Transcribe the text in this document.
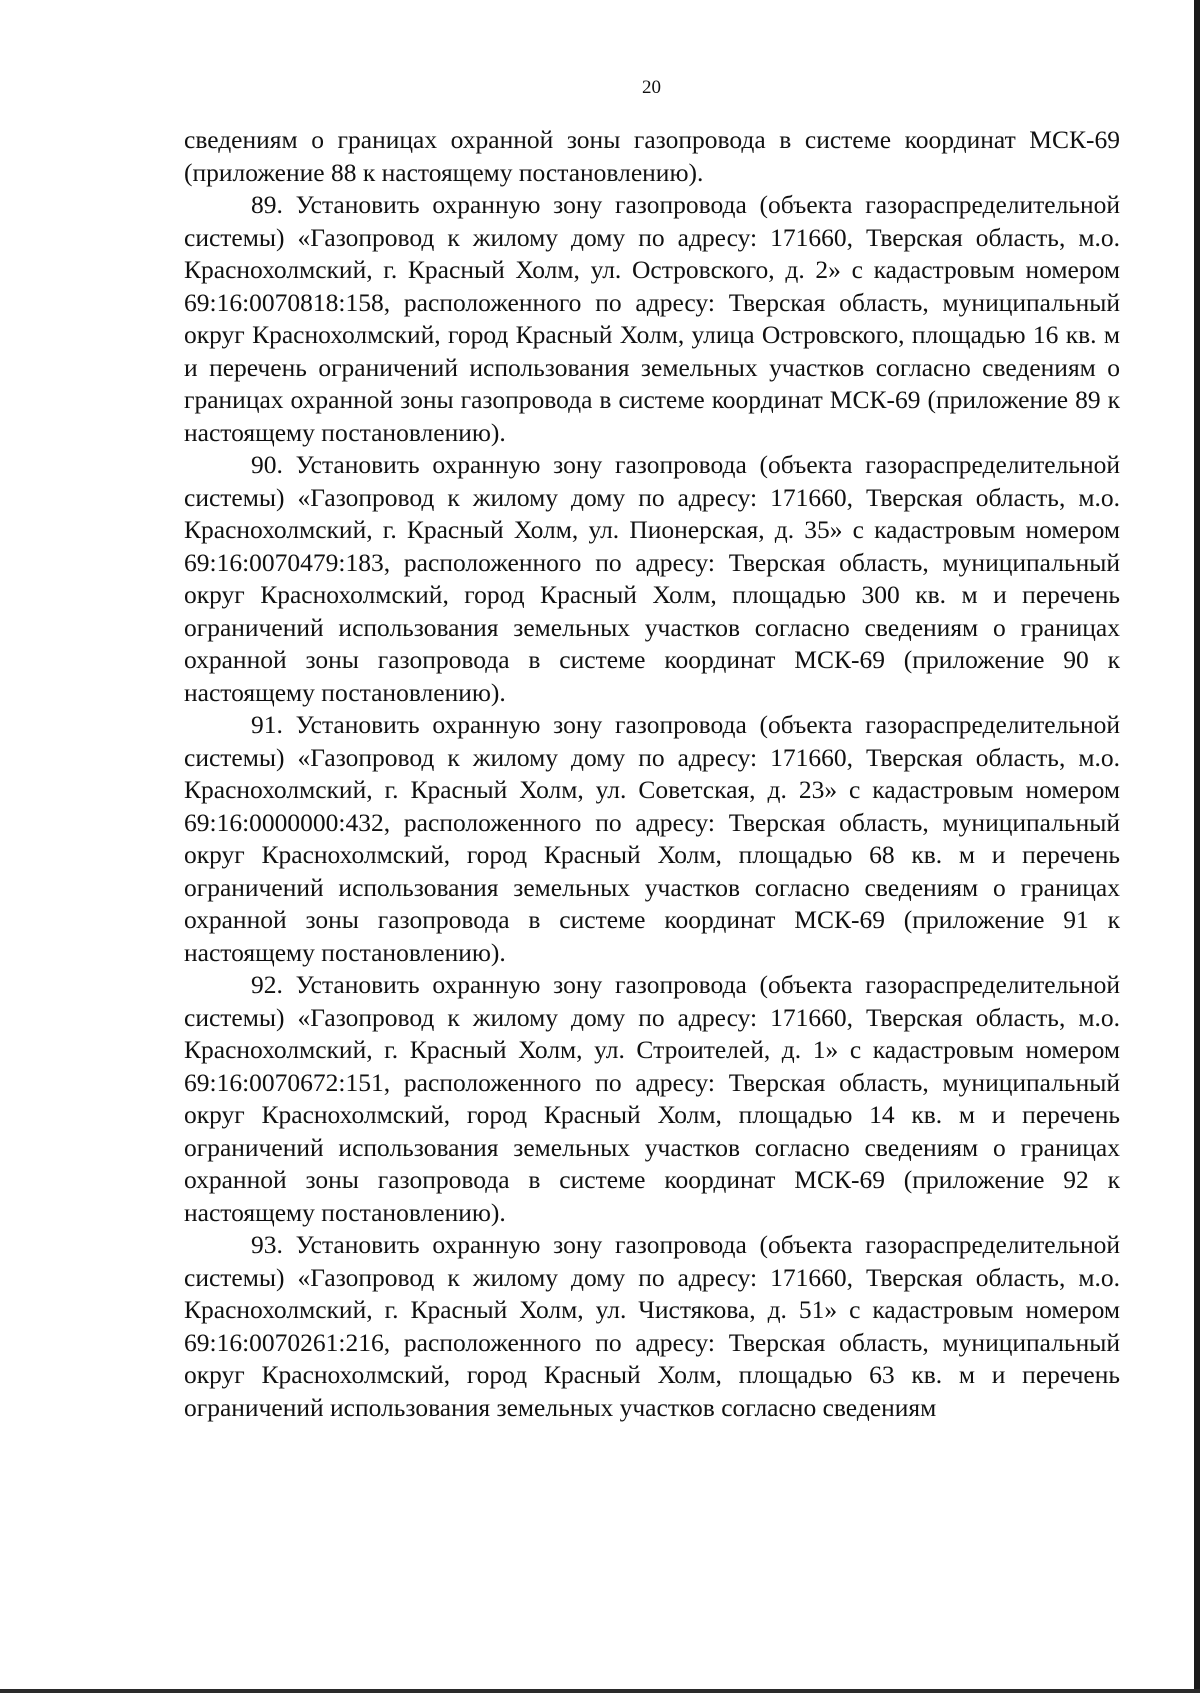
20

сведениям о границах охранной зоны газопровода в системе координат МСК-69 (приложение 88 к настоящему постановлению).

89. Установить охранную зону газопровода (объекта газораспределительной системы) «Газопровод к жилому дому по адресу: 171660, Тверская область, м.о. Краснохолмский, г. Красный Холм, ул. Островского, д. 2» с кадастровым номером 69:16:0070818:158, расположенного по адресу: Тверская область, муниципальный округ Краснохолмский, город Красный Холм, улица Островского, площадью 16 кв. м и перечень ограничений использования земельных участков согласно сведениям о границах охранной зоны газопровода в системе координат МСК-69 (приложение 89 к настоящему постановлению).

90. Установить охранную зону газопровода (объекта газораспределительной системы) «Газопровод к жилому дому по адресу: 171660, Тверская область, м.о. Краснохолмский, г. Красный Холм, ул. Пионерская, д. 35» с кадастровым номером 69:16:0070479:183, расположенного по адресу: Тверская область, муниципальный округ Краснохолмский, город Красный Холм, площадью 300 кв. м и перечень ограничений использования земельных участков согласно сведениям о границах охранной зоны газопровода в системе координат МСК-69 (приложение 90 к настоящему постановлению).

91. Установить охранную зону газопровода (объекта газораспределительной системы) «Газопровод к жилому дому по адресу: 171660, Тверская область, м.о. Краснохолмский, г. Красный Холм, ул. Советская, д. 23» с кадастровым номером 69:16:0000000:432, расположенного по адресу: Тверская область, муниципальный округ Краснохолмский, город Красный Холм, площадью 68 кв. м и перечень ограничений использования земельных участков согласно сведениям о границах охранной зоны газопровода в системе координат МСК-69 (приложение 91 к настоящему постановлению).

92. Установить охранную зону газопровода (объекта газораспределительной системы) «Газопровод к жилому дому по адресу: 171660, Тверская область, м.о. Краснохолмский, г. Красный Холм, ул. Строителей, д. 1» с кадастровым номером 69:16:0070672:151, расположенного по адресу: Тверская область, муниципальный округ Краснохолмский, город Красный Холм, площадью 14 кв. м и перечень ограничений использования земельных участков согласно сведениям о границах охранной зоны газопровода в системе координат МСК-69 (приложение 92 к настоящему постановлению).

93. Установить охранную зону газопровода (объекта газораспределительной системы) «Газопровод к жилому дому по адресу: 171660, Тверская область, м.о. Краснохолмский, г. Красный Холм, ул. Чистякова, д. 51» с кадастровым номером 69:16:0070261:216, расположенного по адресу: Тверская область, муниципальный округ Краснохолмский, город Красный Холм, площадью 63 кв. м и перечень ограничений использования земельных участков согласно сведениям
